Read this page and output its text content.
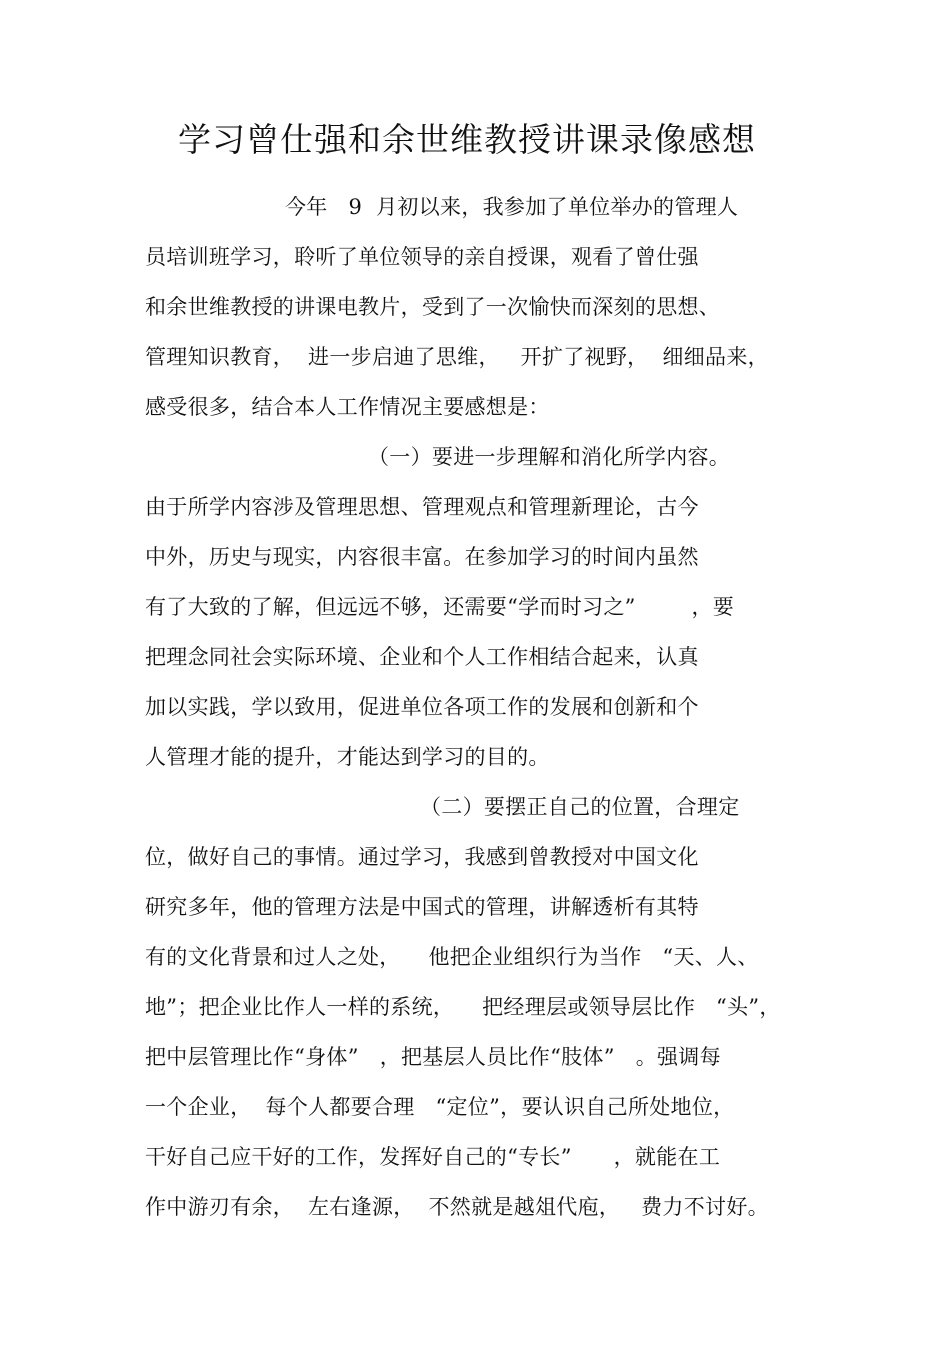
学习曾仕强和余世维教授讲课录像感想
今年   9  月初以来，我参加了单位举办的管理人
员培训班学习，聆听了单位领导的亲自授课，观看了曾仕强
和余世维教授的讲课电教片，受到了一次愉快而深刻的思想、
管理知识教育，  进一步启迪了思维，   开扩了视野，  细细品来，
感受很多，结合本人工作情况主要感想是：
（一）要进一步理解和消化所学内容。
由于所学内容涉及管理思想、管理观点和管理新理论，古今
中外，历史与现实，内容很丰富。在参加学习的时间内虽然
有了大致的了解，但远远不够，还需要“学而时习之”        ，要
把理念同社会实际环境、企业和个人工作相结合起来，认真
加以实践，学以致用，促进单位各项工作的发展和创新和个
人管理才能的提升，才能达到学习的目的。
（二）要摆正自己的位置，合理定
位，做好自己的事情。通过学习，我感到曾教授对中国文化
研究多年，他的管理方法是中国式的管理，讲解透析有其特
有的文化背景和过人之处，    他把企业组织行为当作   “天、人、
地”；把企业比作人一样的系统，    把经理层或领导层比作   “头”，
把中层管理比作“身体”   ，把基层人员比作“肢体”   。强调每
一个企业，  每个人都要合理   “定位”，要认识自己所处地位，
干好自己应干好的工作，发挥好自己的“专长”      ，就能在工
作中游刃有余，  左右逢源，  不然就是越俎代庖，   费力不讨好。
